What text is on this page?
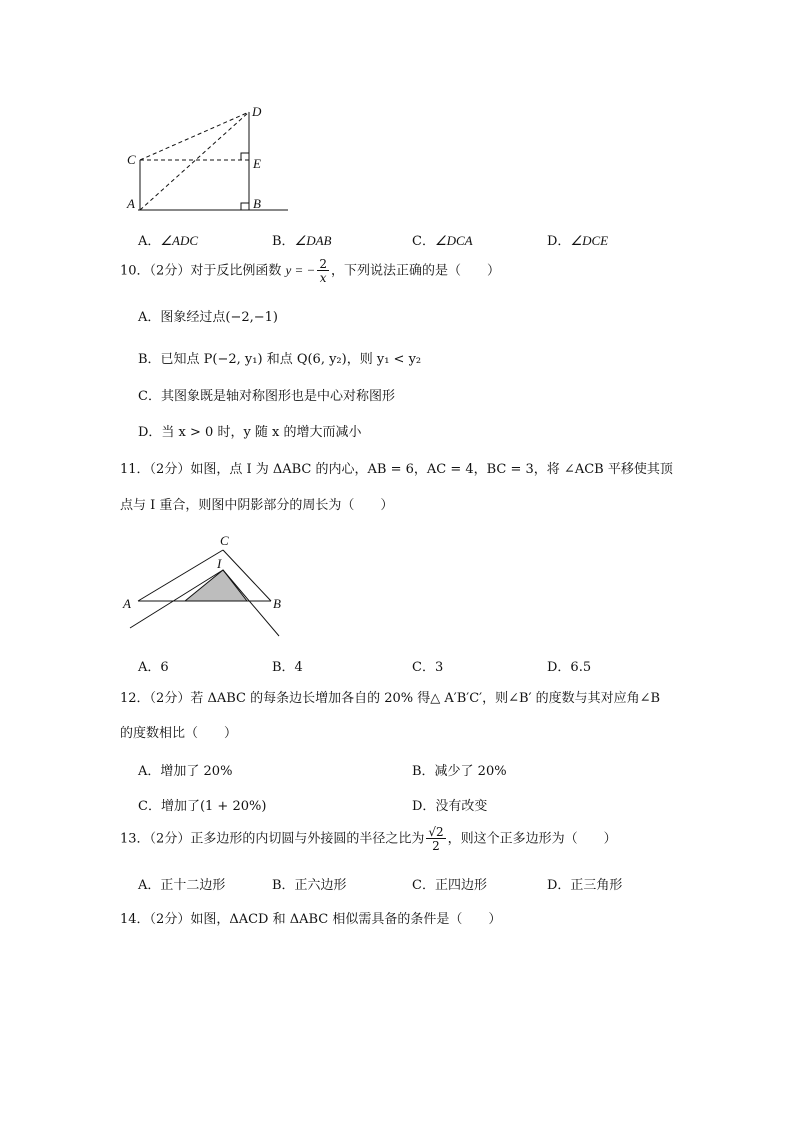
D
C	E
A	B
A．∠ADC	B．∠DAB	C．∠DCA	D．∠DCE
10．（2分）对于反比例函数 y = − $\frac{2}{x}$ ，下列说法正确的是（　　）
A．图象经过点(−2,−1)
B．已知点 P(−2, y₁) 和点 Q(6, y₂)，则 y₁ < y₂
C．其图象既是轴对称图形也是中心对称图形
D．当 x > 0 时，y 随 x 的增大而减小
11．（2分）如图，点 I 为 ΔABC 的内心，AB = 6，AC = 4，BC = 3，将 ∠ACB 平移使其顶
点与 I 重合，则图中阴影部分的周长为（　　）
C
I
A	B
A．6	B．4	C．3	D．6.5
12．（2分）若 ΔABC 的每条边长增加各自的 20% 得△ A′B′C′，则∠B′ 的度数与其对应角∠B
的度数相比（　　）
A．增加了 20%	B．减少了 20%
C．增加了(1 + 20%)	D．没有改变
13．（2分）正多边形的内切圆与外接圆的半径之比为 $\frac{√2}{2}$ ，则这个正多边形为（　　）
A．正十二边形	B．正六边形	C．正四边形	D．正三角形
14．（2分）如图，ΔACD 和 ΔABC 相似需具备的条件是（　　）
